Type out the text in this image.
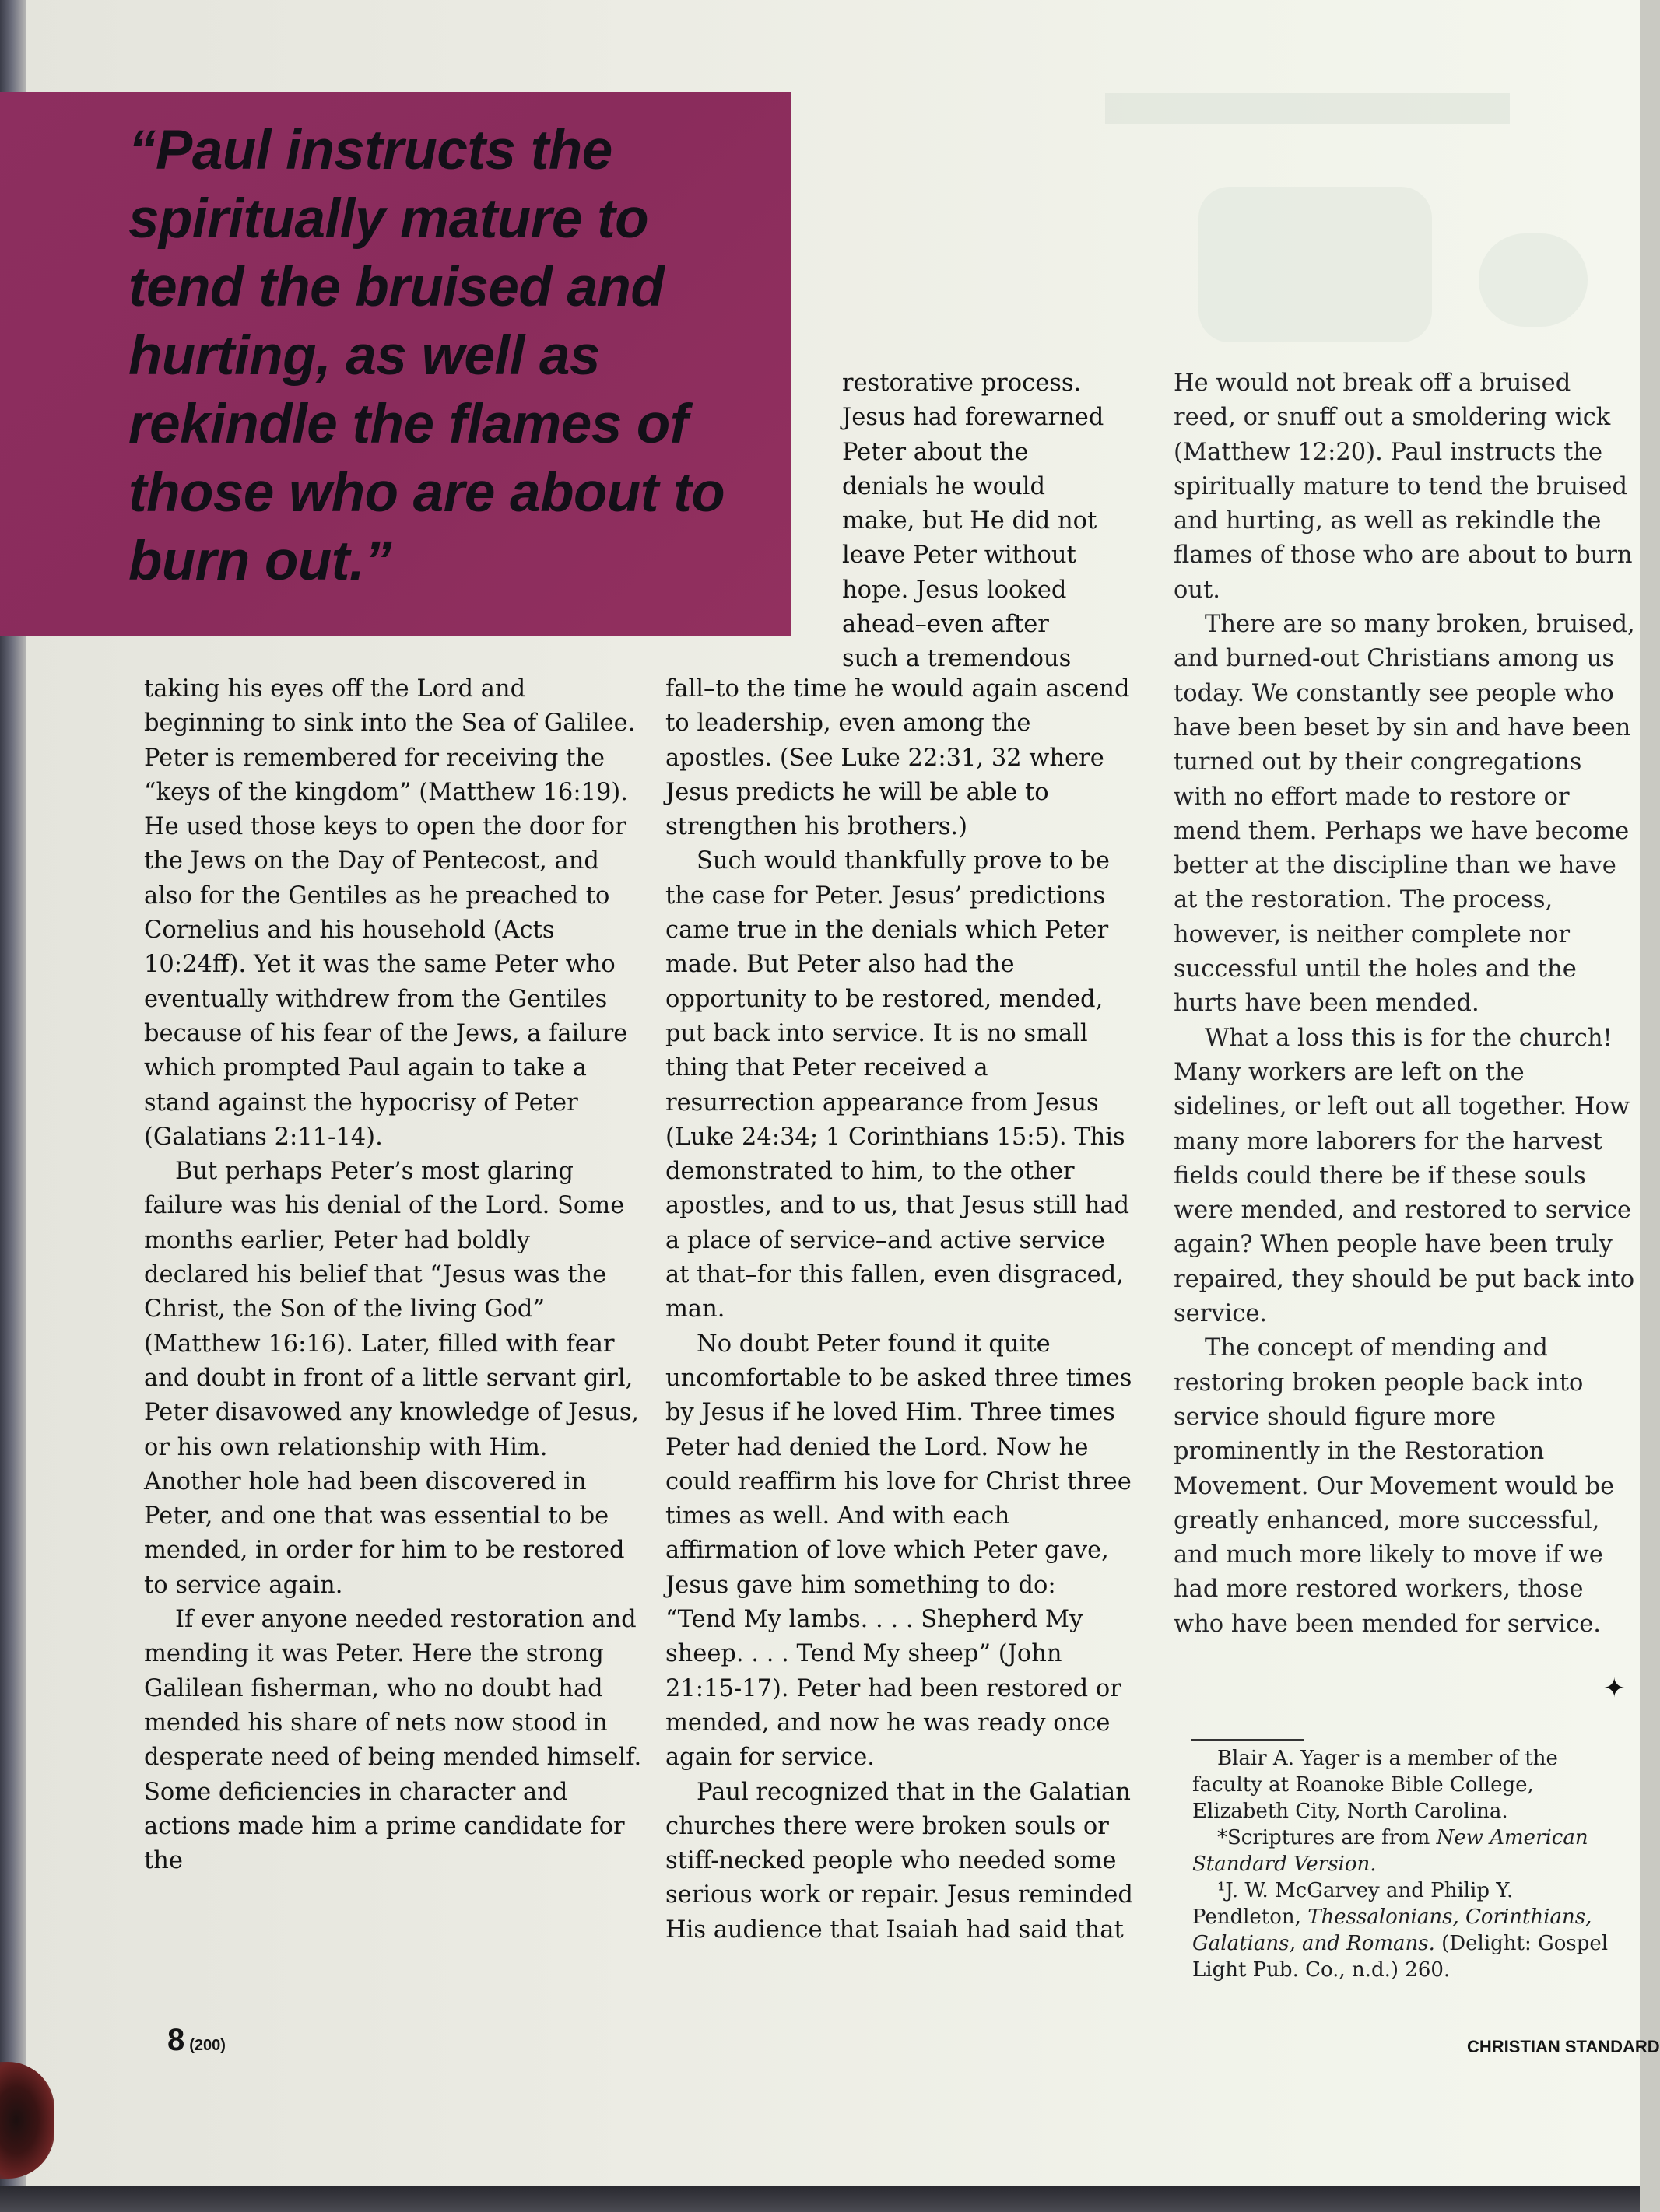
“Paul instructs the spiritually mature to tend the bruised and hurting, as well as rekindle the flames of those who are about to burn out.”

taking his eyes off the Lord and beginning to sink into the Sea of Galilee. Peter is remembered for receiving the “keys of the kingdom” (Matthew 16:19). He used those keys to open the door for the Jews on the Day of Pentecost, and also for the Gentiles as he preached to Cornelius and his household (Acts 10:24ff). Yet it was the same Peter who eventually withdrew from the Gentiles because of his fear of the Jews, a failure which prompted Paul again to take a stand against the hypocrisy of Peter (Galatians 2:11-14).

But perhaps Peter’s most glaring failure was his denial of the Lord. Some months earlier, Peter had boldly declared his belief that “Jesus was the Christ, the Son of the living God” (Matthew 16:16). Later, filled with fear and doubt in front of a little servant girl, Peter disavowed any knowledge of Jesus, or his own relationship with Him. Another hole had been discovered in Peter, and one that was essential to be mended, in order for him to be restored to service again.

If ever anyone needed restoration and mending it was Peter. Here the strong Galilean fisherman, who no doubt had mended his share of nets now stood in desperate need of being mended himself. Some deficiencies in character and actions made him a prime candidate for the

restorative process. Jesus had forewarned Peter about the denials he would make, but He did not leave Peter without hope. Jesus looked ahead–even after such a tremendous

fall–to the time he would again ascend to leadership, even among the apostles. (See Luke 22:31, 32 where Jesus predicts he will be able to strengthen his brothers.)

Such would thankfully prove to be the case for Peter. Jesus’ predictions came true in the denials which Peter made. But Peter also had the opportunity to be restored, mended, put back into service. It is no small thing that Peter received a resurrection appearance from Jesus (Luke 24:34; 1 Corinthians 15:5). This demonstrated to him, to the other apostles, and to us, that Jesus still had a place of service–and active service at that–for this fallen, even disgraced, man.

No doubt Peter found it quite uncomfortable to be asked three times by Jesus if he loved Him. Three times Peter had denied the Lord. Now he could reaffirm his love for Christ three times as well. And with each affirmation of love which Peter gave, Jesus gave him something to do: “Tend My lambs. . . . Shepherd My sheep. . . . Tend My sheep” (John 21:15-17). Peter had been restored or mended, and now he was ready once again for service.

Paul recognized that in the Galatian churches there were broken souls or stiff-necked people who needed some serious work or repair. Jesus reminded His audience that Isaiah had said that

He would not break off a bruised reed, or snuff out a smoldering wick (Matthew 12:20). Paul instructs the spiritually mature to tend the bruised and hurting, as well as rekindle the flames of those who are about to burn out.

There are so many broken, bruised, and burned-out Christians among us today. We constantly see people who have been beset by sin and have been turned out by their congregations with no effort made to restore or mend them. Perhaps we have become better at the discipline than we have at the restoration. The process, however, is neither complete nor successful until the holes and the hurts have been mended.

What a loss this is for the church! Many workers are left on the sidelines, or left out all together. How many more laborers for the harvest fields could there be if these souls were mended, and restored to service again? When people have been truly repaired, they should be put back into service.

The concept of mending and restoring broken people back into service should figure more prominently in the Restoration Movement. Our Movement would be greatly enhanced, more successful, and much more likely to move if we had more restored workers, those who have been mended for service.

✦

Blair A. Yager is a member of the faculty at Roanoke Bible College, Elizabeth City, North Carolina.

*Scriptures are from New American Standard Version.

¹J. W. McGarvey and Philip Y. Pendleton, Thessalonians, Corinthians, Galatians, and Romans. (Delight: Gospel Light Pub. Co., n.d.) 260.

8 (200)	CHRISTIAN STANDARD
